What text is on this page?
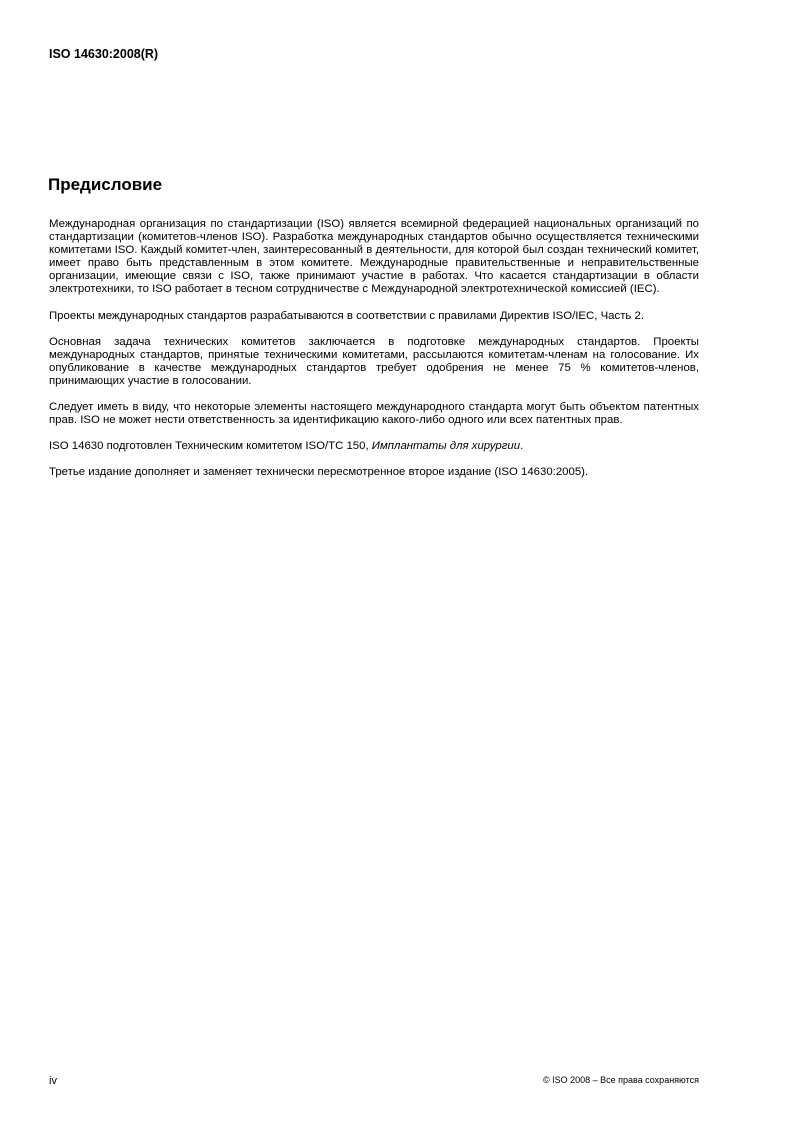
ISO 14630:2008(R)
Предисловие

Международная организация по стандартизации (ISO) является всемирной федерацией национальных организаций по стандартизации (комитетов-членов ISO). Разработка международных стандартов обычно осуществляется техническими комитетами ISO. Каждый комитет-член, заинтересованный в деятельности, для которой был создан технический комитет, имеет право быть представленным в этом комитете. Международные правительственные и неправительственные организации, имеющие связи с ISO, также принимают участие в работах. Что касается стандартизации в области электротехники, то ISO работает в тесном сотрудничестве с Международной электротехнической комиссией (IEC).

Проекты международных стандартов разрабатываются в соответствии с правилами Директив ISO/IEC, Часть 2.

Основная задача технических комитетов заключается в подготовке международных стандартов. Проекты международных стандартов, принятые техническими комитетами, рассылаются комитетам-членам на голосование. Их опубликование в качестве международных стандартов требует одобрения не менее 75 % комитетов-членов, принимающих участие в голосовании.

Следует иметь в виду, что некоторые элементы настоящего международного стандарта могут быть объектом патентных прав. ISO не может нести ответственность за идентификацию какого-либо одного или всех патентных прав.

ISO 14630 подготовлен Техническим комитетом ISO/TC 150, Имплантаты для хирургии.

Третье издание дополняет и заменяет технически пересмотренное второе издание (ISO 14630:2005).

iv	© ISO 2008 – Все права сохраняются
